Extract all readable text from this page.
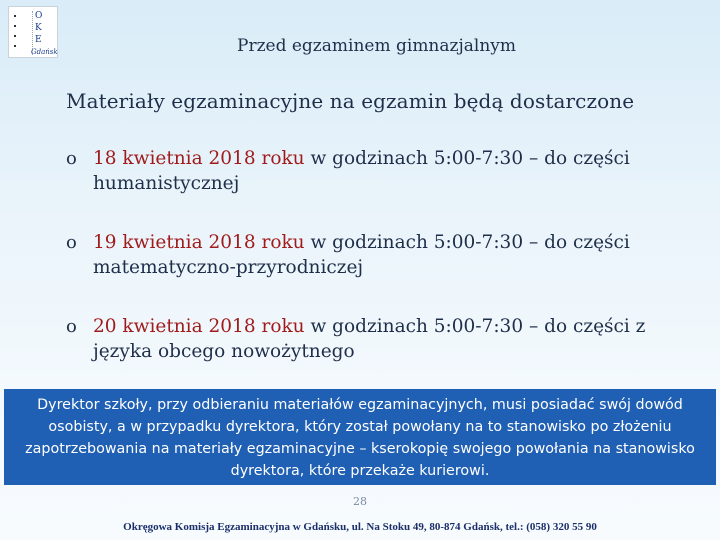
O
K
E
Gdańsk	Przed egzaminem gimnazjalnym
Materiały egzaminacyjne na egzamin będą dostarczone
o 18 kwietnia 2018 roku w godzinach 5:00-7:30 – do części humanistycznej
o 19 kwietnia 2018 roku w godzinach 5:00-7:30 – do części matematyczno-przyrodniczej
o 20 kwietnia 2018 roku w godzinach 5:00-7:30 – do części z języka obcego nowożytnego
Dyrektor szkoły, przy odbieraniu materiałów egzaminacyjnych, musi posiadać swój dowód osobisty, a w przypadku dyrektora, który został powołany na to stanowisko po złożeniu zapotrzebowania na materiały egzaminacyjne – kserokopię swojego powołania na stanowisko dyrektora, które przekaże kurierowi.
28
Okręgowa Komisja Egzaminacyjna w Gdańsku, ul. Na Stoku 49, 80-874 Gdańsk, tel.: (058) 320 55 90
